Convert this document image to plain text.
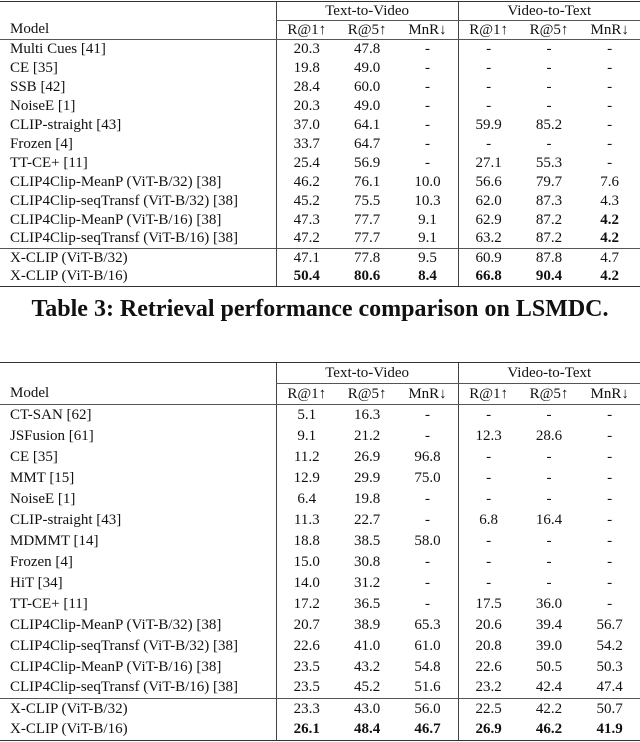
	Text-to-Video			Video-to-Text		
Model	R@1↑	R@5↑	MnR↓	R@1↑	R@5↑	MnR↓
Multi Cues [41]	20.3	47.8	-	-	-	-
CE [35]	19.8	49.0	-	-	-	-
SSB [42]	28.4	60.0	-	-	-	-
NoiseE [1]	20.3	49.0	-	-	-	-
CLIP-straight [43]	37.0	64.1	-	59.9	85.2	-
Frozen [4]	33.7	64.7	-	-	-	-
TT-CE+ [11]	25.4	56.9	-	27.1	55.3	-
CLIP4Clip-MeanP (ViT-B/32) [38]	46.2	76.1	10.0	56.6	79.7	7.6
CLIP4Clip-seqTransf (ViT-B/32) [38]	45.2	75.5	10.3	62.0	87.3	4.3
CLIP4Clip-MeanP (ViT-B/16) [38]	47.3	77.7	9.1	62.9	87.2	4.2
CLIP4Clip-seqTransf (ViT-B/16) [38]	47.2	77.7	9.1	63.2	87.2	4.2
X-CLIP (ViT-B/32)	47.1	77.8	9.5	60.9	87.8	4.7
X-CLIP (ViT-B/16)	50.4	80.6	8.4	66.8	90.4	4.2
Table 3: Retrieval performance comparison on LSMDC.
	Text-to-Video			Video-to-Text		
Model	R@1↑	R@5↑	MnR↓	R@1↑	R@5↑	MnR↓
CT-SAN [62]	5.1	16.3	-	-	-	-
JSFusion [61]	9.1	21.2	-	12.3	28.6	-
CE [35]	11.2	26.9	96.8	-	-	-
MMT [15]	12.9	29.9	75.0	-	-	-
NoiseE [1]	6.4	19.8	-	-	-	-
CLIP-straight [43]	11.3	22.7	-	6.8	16.4	-
MDMMT [14]	18.8	38.5	58.0	-	-	-
Frozen [4]	15.0	30.8	-	-	-	-
HiT [34]	14.0	31.2	-	-	-	-
TT-CE+ [11]	17.2	36.5	-	17.5	36.0	-
CLIP4Clip-MeanP (ViT-B/32) [38]	20.7	38.9	65.3	20.6	39.4	56.7
CLIP4Clip-seqTransf (ViT-B/32) [38]	22.6	41.0	61.0	20.8	39.0	54.2
CLIP4Clip-MeanP (ViT-B/16) [38]	23.5	43.2	54.8	22.6	50.5	50.3
CLIP4Clip-seqTransf (ViT-B/16) [38]	23.5	45.2	51.6	23.2	42.4	47.4
X-CLIP (ViT-B/32)	23.3	43.0	56.0	22.5	42.2	50.7
X-CLIP (ViT-B/16)	26.1	48.4	46.7	26.9	46.2	41.9
